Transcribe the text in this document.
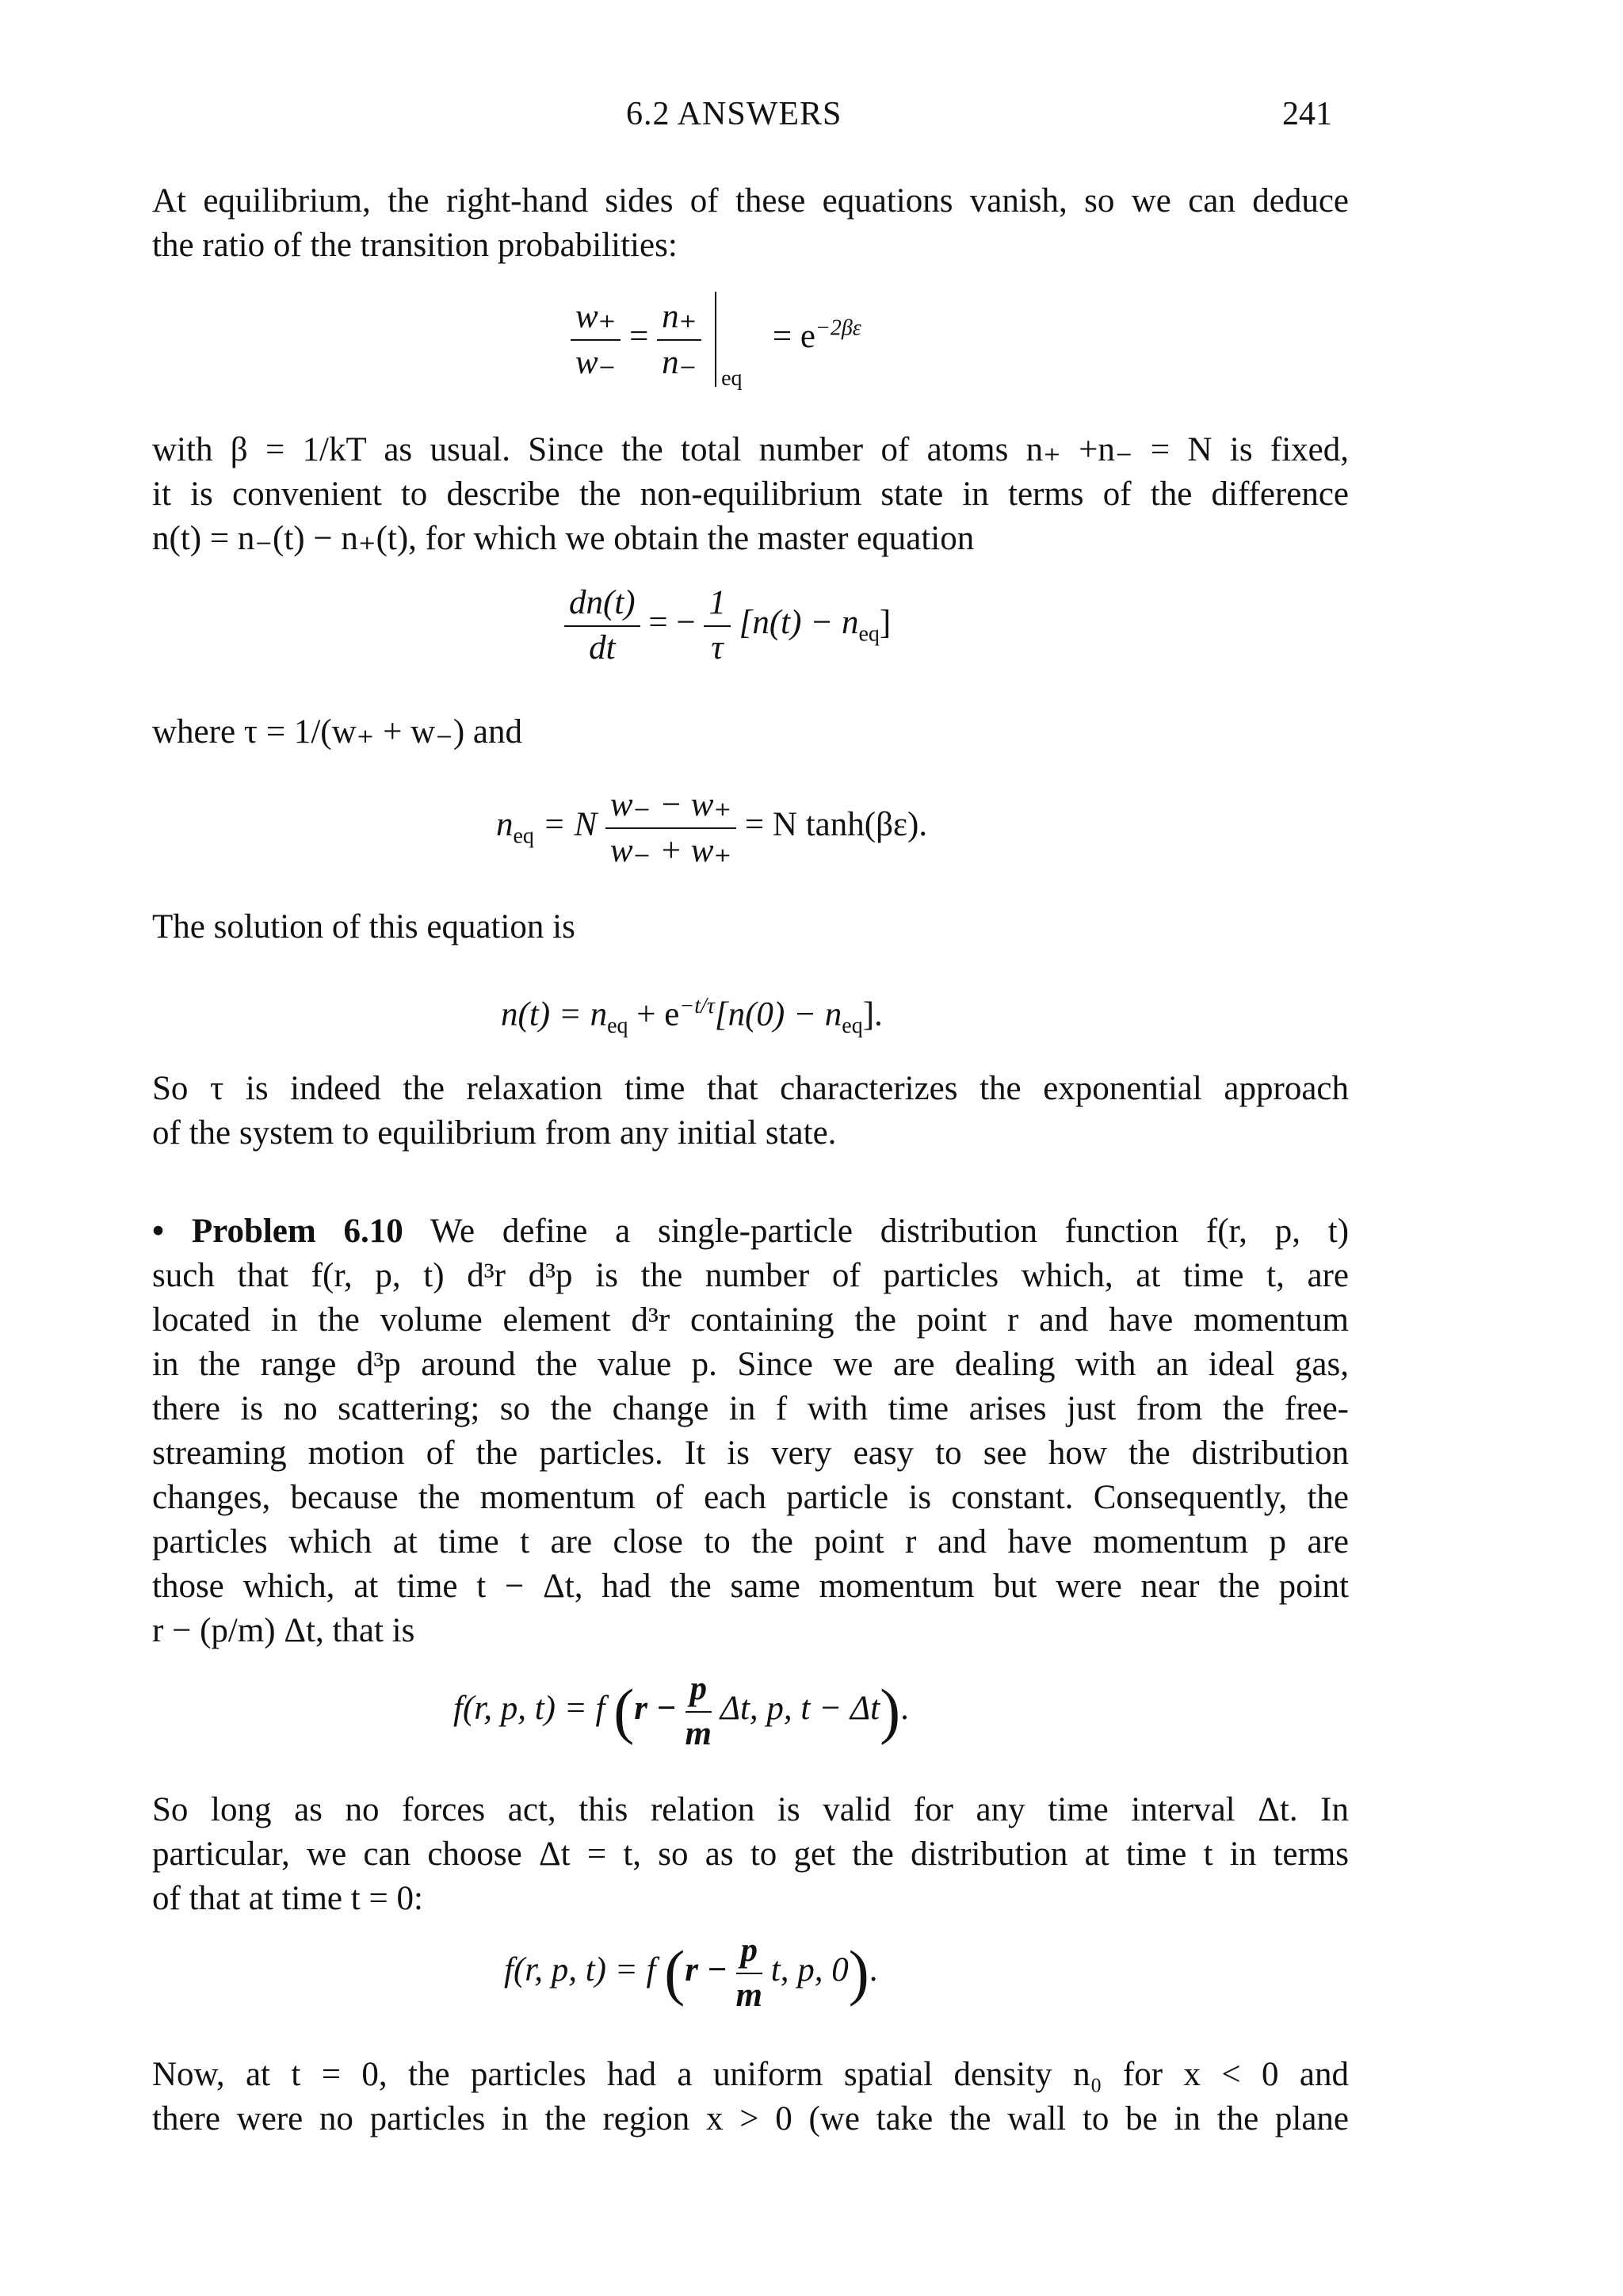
6.2 ANSWERS	241
At equilibrium, the right-hand sides of these equations vanish, so we can deduce
the ratio of the transition probabilities:
$\frac{w_+}{w_-} = \frac{n_+}{n_-}$
eq
= $e^{-2\beta\varepsilon}$
with β = 1/kT as usual. Since the total number of atoms n₊ +n₋ = N is fixed,
it is convenient to describe the non-equilibrium state in terms of the difference
n(t) = n₋(t) − n₊(t), for which we obtain the master equation
$\frac{dn(t)}{dt}$ = − $\frac{1}{\tau} [n(t) - n_{eq}]$
where τ = 1/(w₊ + w₋) and
$n_{eq} = N \frac{w_- - w_+}{w_- + w_+} = N$ tanh(βε).
The solution of this equation is
$n(t) = n_{eq} + e^{-t/\tau}[n(0) - n_{eq}]$.
So τ is indeed the relaxation time that characterizes the exponential approach
of the system to equilibrium from any initial state.
• Problem 6.10 We define a single-particle distribution function f(r, p, t)
such that f(r, p, t) d³r d³p is the number of particles which, at time t, are
located in the volume element d³r containing the point r and have momentum
in the range d³p around the value p. Since we are dealing with an ideal gas,
there is no scattering; so the change in f with time arises just from the free-
streaming motion of the particles. It is very easy to see how the distribution
changes, because the momentum of each particle is constant. Consequently, the
particles which at time t are close to the point r and have momentum p are
those which, at time t − Δt, had the same momentum but were near the point
r − (p/m) Δt, that is
f(r, p, t) = f ($r - \frac{p}{m} \Delta t$, p, t − Δt).
So long as no forces act, this relation is valid for any time interval Δt. In
particular, we can choose Δt = t, so as to get the distribution at time t in terms
of that at time t = 0:
f(r, p, t) = f ($r - \frac{p}{m} t$, p, 0).
Now, at t = 0, the particles had a uniform spatial density n₀ for x < 0 and
there were no particles in the region x > 0 (we take the wall to be in the plane
